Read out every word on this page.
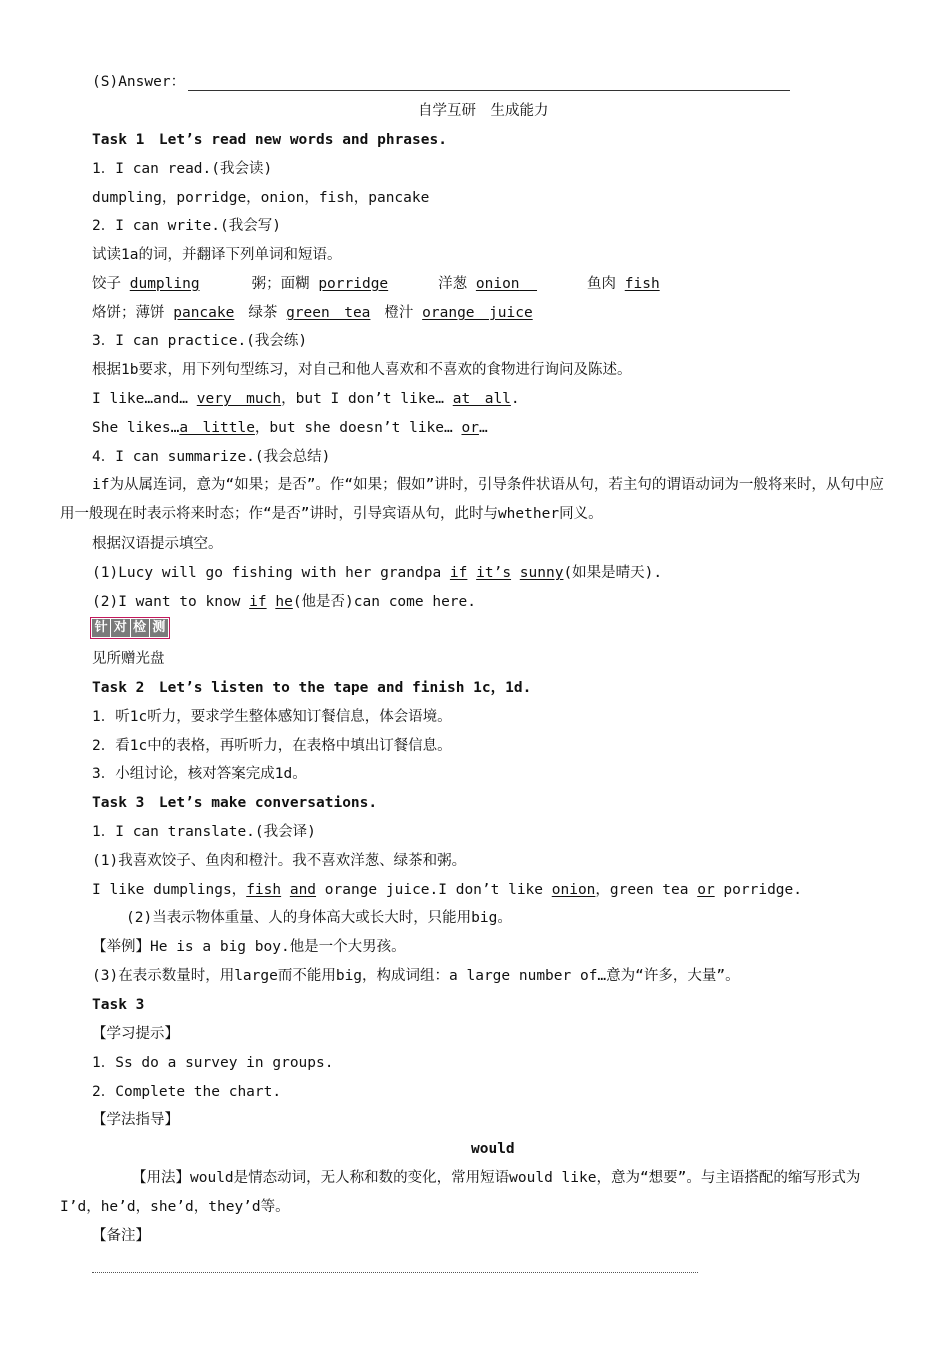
(S)Answer：
自学互研　生成能力
Task 1　Let’s read new words and phrases.
1．I can read.(我会读)
dumpling，porridge，onion，fish，pancake
2．I can write.(我会写)
试读1a的词，并翻译下列单词和短语。
饺子 dumpling	粥；面糊 porridge	洋葱 onion	鱼肉 fish
烙饼；薄饼 pancake 绿茶 green　tea 橙汁 orange　juice
3．I can practice.(我会练)
根据1b要求，用下列句型练习，对自己和他人喜欢和不喜欢的食物进行询问及陈述。
I like…and… very　much，but I don’t like… at　all.
She likes…a　little，but she doesn’t like… or…
4．I can summarize.(我会总结)
if为从属连词，意为“如果；是否”。作“如果；假如”讲时，引导条件状语从句，若主句的谓语动词为一般将来时，从句中应用一般现在时表示将来时态；作“是否”讲时，引导宾语从句，此时与whether同义。
根据汉语提示填空。
(1)Lucy will go fishing with her grandpa if it’s sunny(如果是晴天).
(2)I want to know if he(他是否)can come here.
针 对 检 测
见所赠光盘
Task 2　Let’s listen to the tape and finish 1c，1d.
1．听1c听力，要求学生整体感知订餐信息，体会语境。
2．看1c中的表格，再听听力，在表格中填出订餐信息。
3．小组讨论，核对答案完成1d。
Task 3　Let’s make conversations.
1．I can translate.(我会译)
(1)我喜欢饺子、鱼肉和橙汁。我不喜欢洋葱、绿茶和粥。
I like dumplings，fish and orange juice.I don’t like onion，green tea or porridge.
(2)当表示物体重量、人的身体高大或长大时，只能用big。
【举例】He is a big boy.他是一个大男孩。
(3)在表示数量时，用large而不能用big，构成词组：a large number of…意为“许多，大量”。
Task 3
【学习提示】
1．Ss do a survey in groups.
2．Complete the chart.
【学法指导】
would
【用法】would是情态动词，无人称和数的变化，常用短语would like，意为“想要”。与主语搭配的缩写形式为I’d，he’d，she’d，they’d等。
【备注】
